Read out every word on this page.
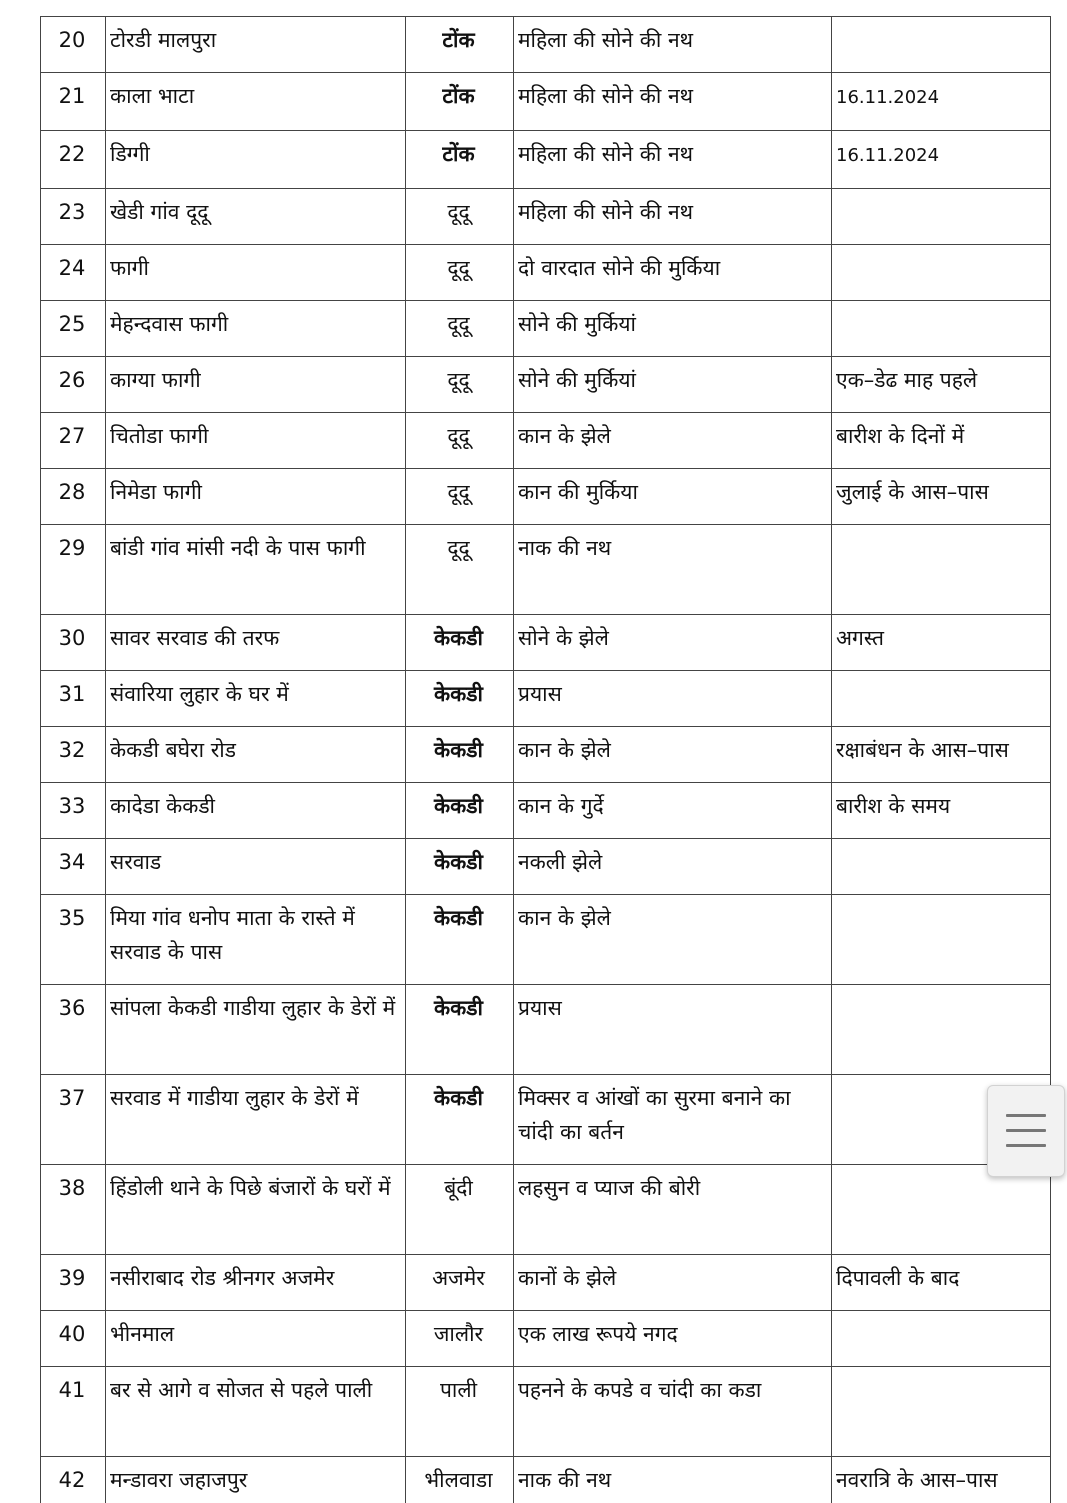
20	टोरडी मालपुरा	टोंक	महिला की सोने की नथ	
21	काला भाटा	टोंक	महिला की सोने की नथ	16.11.2024
22	डिग्गी	टोंक	महिला की सोने की नथ	16.11.2024
23	खेडी गांव दूदू	दूदू	महिला की सोने की नथ	
24	फागी	दूदू	दो वारदात सोने की मुर्किया	
25	मेहन्दवास फागी	दूदू	सोने की मुर्कियां	
26	काग्या फागी	दूदू	सोने की मुर्कियां	एक–डेढ माह पहले
27	चितोडा फागी	दूदू	कान के झेले	बारीश के दिनों में
28	निमेडा फागी	दूदू	कान की मुर्किया	जुलाई के आस–पास
29	बांडी गांव मांसी नदी के पास फागी	दूदू	नाक की नथ	
30	सावर सरवाड की तरफ	केकडी	सोने के झेले	अगस्त
31	संवारिया लुहार के घर में	केकडी	प्रयास	
32	केकडी बघेरा रोड	केकडी	कान के झेले	रक्षाबंधन के आस–पास
33	कादेडा केकडी	केकडी	कान के गुर्दे	बारीश के समय
34	सरवाड	केकडी	नकली झेले	
35	मिया गांव धनोप माता के रास्ते में सरवाड के पास	केकडी	कान के झेले	
36	सांपला केकडी गाडीया लुहार के डेरों में	केकडी	प्रयास	
37	सरवाड में गाडीया लुहार के डेरों में	केकडी	मिक्सर व आंखों का सुरमा बनाने का चांदी का बर्तन	
38	हिंडोली थाने के पिछे बंजारों के घरों में	बूंदी	लहसुन व प्याज की बोरी	
39	नसीराबाद रोड श्रीनगर अजमेर	अजमेर	कानों के झेले	दिपावली के बाद
40	भीनमाल	जालौर	एक लाख रूपये नगद	
41	बर से आगे व सोजत से पहले पाली	पाली	पहनने के कपडे व चांदी का कडा	
42	मन्डावरा जहाजपुर	भीलवाडा	नाक की नथ	नवरात्रि के आस–पास
